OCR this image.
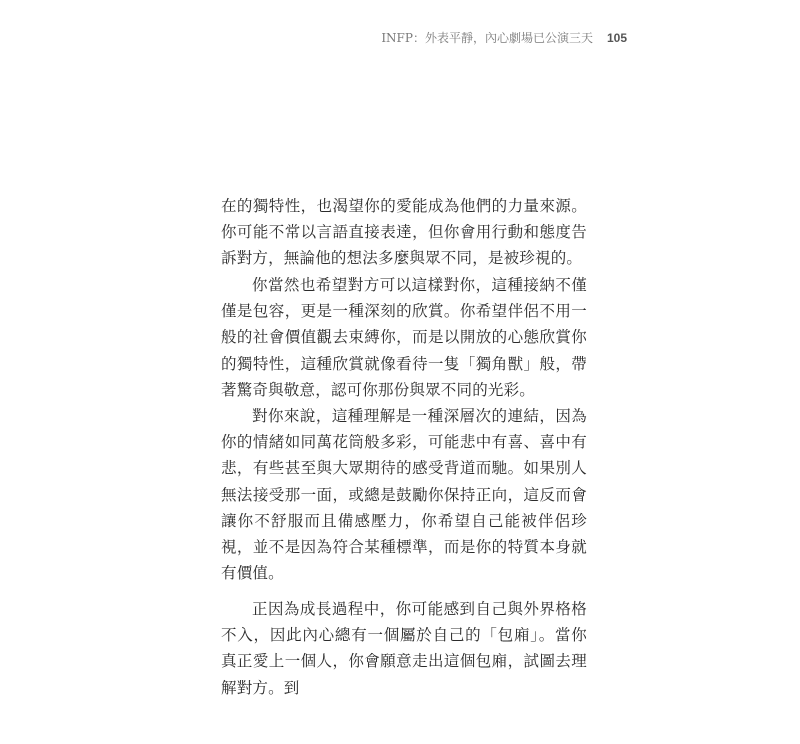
INFP：外表平靜，內心劇場已公演三天 105

在的獨特性，也渴望你的愛能成為他們的力量來源。你可能不常以言語直接表達，但你會用行動和態度告訴對方，無論他的想法多麼與眾不同，是被珍視的。

你當然也希望對方可以這樣對你，這種接納不僅僅是包容，更是一種深刻的欣賞。你希望伴侶不用一般的社會價值觀去束縛你，而是以開放的心態欣賞你的獨特性，這種欣賞就像看待一隻「獨角獸」般，帶著驚奇與敬意，認可你那份與眾不同的光彩。

對你來說，這種理解是一種深層次的連結，因為你的情緒如同萬花筒般多彩，可能悲中有喜、喜中有悲，有些甚至與大眾期待的感受背道而馳。如果別人無法接受那一面，或總是鼓勵你保持正向，這反而會讓你不舒服而且備感壓力，你希望自己能被伴侶珍視，並不是因為符合某種標準，而是你的特質本身就有價值。

正因為成長過程中，你可能感到自己與外界格格不入，因此內心總有一個屬於自己的「包廂」。當你真正愛上一個人，你會願意走出這個包廂，試圖去理解對方。到
